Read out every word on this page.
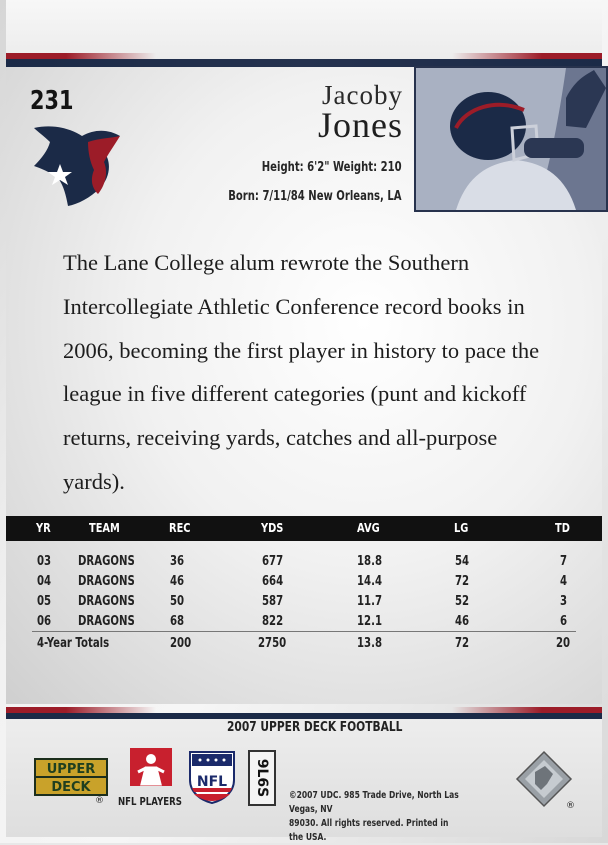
231	Jacoby
Jones
Height: 6'2" Weight: 210
Born: 7/11/84 New Orleans, LA
The Lane College alum rewrote the Southern Intercollegiate Athletic Conference record books in 2006, becoming the first player in history to pace the league in five different categories (punt and kickoff returns, receiving yards, catches and all-purpose yards).
YR	TEAM	REC	YDS	AVG	LG	TD
03 DRAGONS	36	677	18.8	54	7
04 DRAGONS	46	664	14.4	72	4
05 DRAGONS	50	587	11.7	52	3
06 DRAGONS	68	822	12.1	46	6
4-Year Totals	200	2750	13.8	72	20
2007 UPPER DECK FOOTBALL
UPPER
DECK
® NFL PLAYERS
NFL 9L6S ©2007 UDC. 985 Trade Drive, North Las Vegas, NV
89030. All rights reserved. Printed in the USA.
®
